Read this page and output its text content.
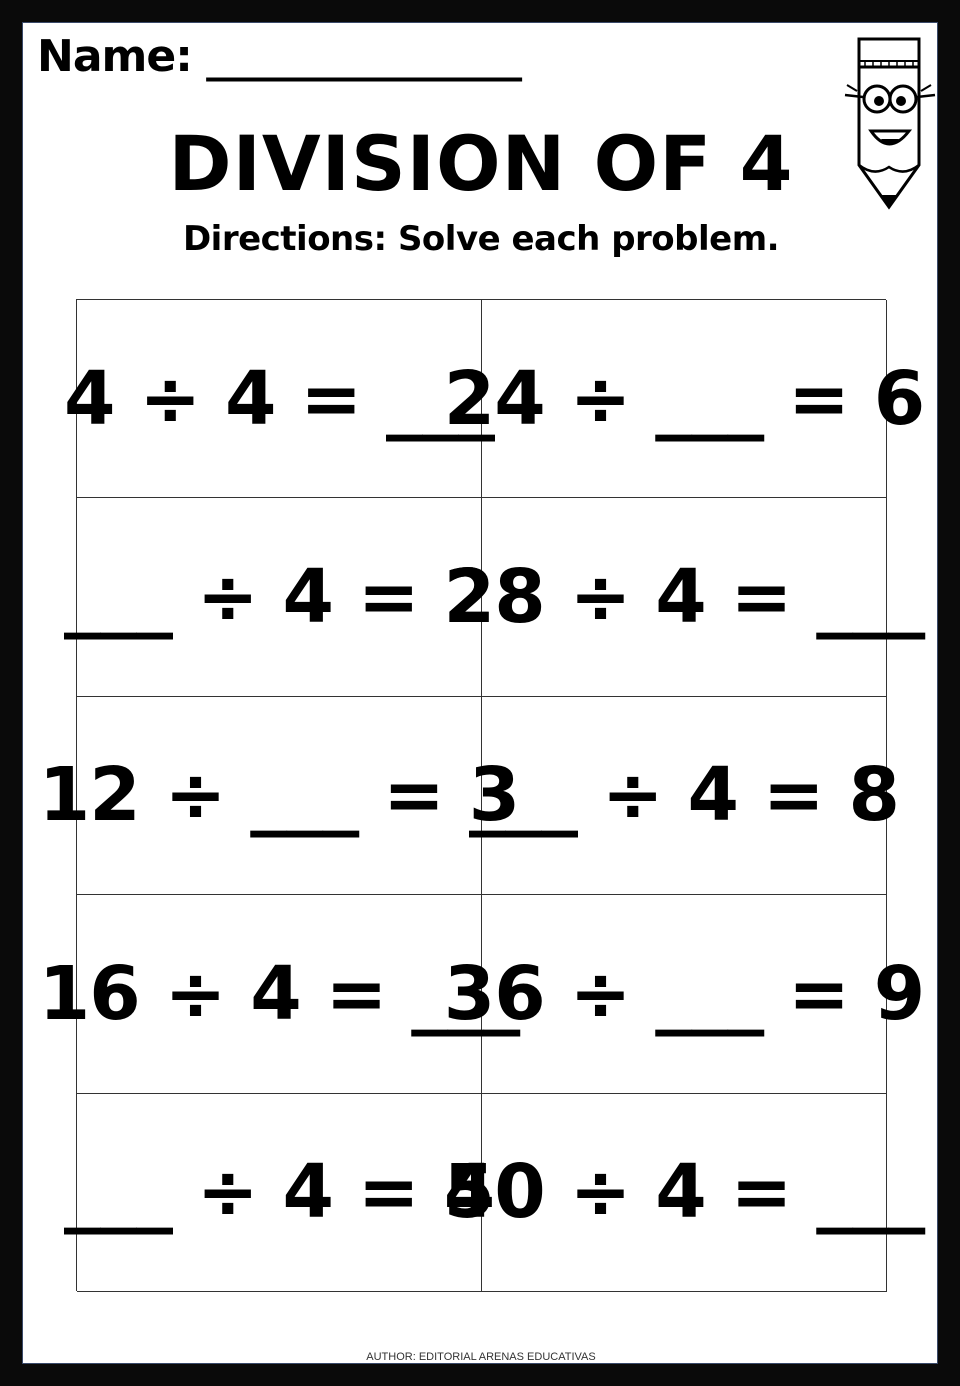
Name: _______________
DIVISION OF 4
Directions: Solve each problem.
4 ÷ 4 = ___
24 ÷ ___ = 6
___ ÷ 4 = 2
28 ÷ 4 = ___
12 ÷ ___ = 3
___ ÷ 4 = 8
16 ÷ 4 = ___
36 ÷ ___ = 9
___ ÷ 4 = 5
40 ÷ 4 = ___
AUTHOR: EDITORIAL ARENAS EDUCATIVAS
